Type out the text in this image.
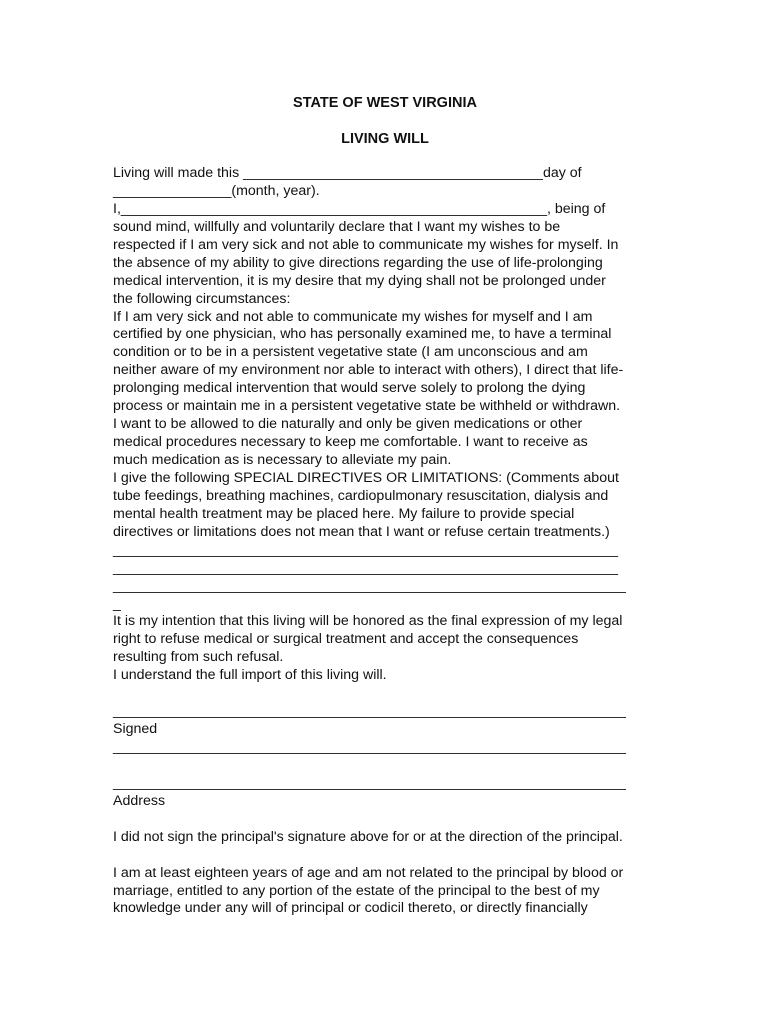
STATE OF WEST VIRGINIA
LIVING WILL
Living will made this ______________________________________day of
_______________(month, year).
I,______________________________________________________, being of
sound mind, willfully and voluntarily declare that I want my wishes to be
respected if I am very sick and not able to communicate my wishes for myself. In
the absence of my ability to give directions regarding the use of life-prolonging
medical intervention, it is my desire that my dying shall not be prolonged under
the following circumstances:
If I am very sick and not able to communicate my wishes for myself and I am
certified by one physician, who has personally examined me, to have a terminal
condition or to be in a persistent vegetative state (I am unconscious and am
neither aware of my environment nor able to interact with others), I direct that life-
prolonging medical intervention that would serve solely to prolong the dying
process or maintain me in a persistent vegetative state be withheld or withdrawn.
I want to be allowed to die naturally and only be given medications or other
medical procedures necessary to keep me comfortable. I want to receive as
much medication as is necessary to alleviate my pain.
I give the following SPECIAL DIRECTIVES OR LIMITATIONS: (Comments about
tube feedings, breathing machines, cardiopulmonary resuscitation, dialysis and
mental health treatment may be placed here. My failure to provide special
directives or limitations does not mean that I want or refuse certain treatments.)
________________________________________________________________
________________________________________________________________
_________________________________________________________________
_
It is my intention that this living will be honored as the final expression of my legal
right to refuse medical or surgical treatment and accept the consequences
resulting from such refusal.
I understand the full import of this living will.
_________________________________________________________________
Signed
_________________________________________________________________
_________________________________________________________________
Address
I did not sign the principal's signature above for or at the direction of the principal.
I am at least eighteen years of age and am not related to the principal by blood or
marriage, entitled to any portion of the estate of the principal to the best of my
knowledge under any will of principal or codicil thereto, or directly financially
